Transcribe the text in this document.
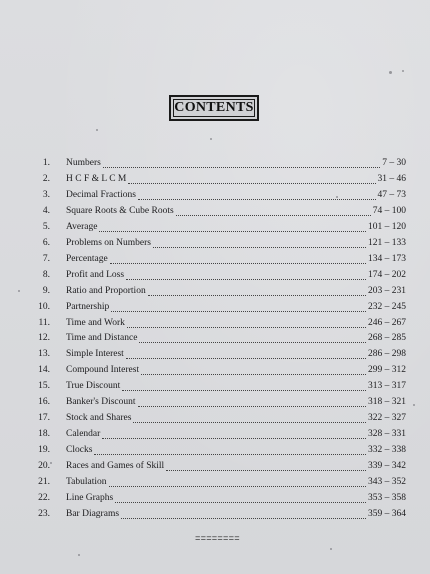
CONTENTS
1. Numbers	7 – 30
2. H C F & L C M	31 – 46
3. Decimal Fractions	47 – 73
4. Square Roots & Cube Roots	74 – 100
5. Average	101 – 120
6. Problems on Numbers	121 – 133
7. Percentage	134 – 173
8. Profit and Loss	174 – 202
9. Ratio and Proportion	203 – 231
10. Partnership	232 – 245
11. Time and Work	246 – 267
12. Time and Distance	268 – 285
13. Simple Interest	286 – 298
14. Compound Interest	299 – 312
15. True Discount	313 – 317
16. Banker's Discount	318 – 321
17. Stock and Shares	322 – 327
18. Calendar	328 – 331
19. Clocks	332 – 338
20. Races and Games of Skill	339 – 342
21. Tabulation	343 – 352
22. Line Graphs	353 – 358
23. Bar Diagrams	359 – 364
========
